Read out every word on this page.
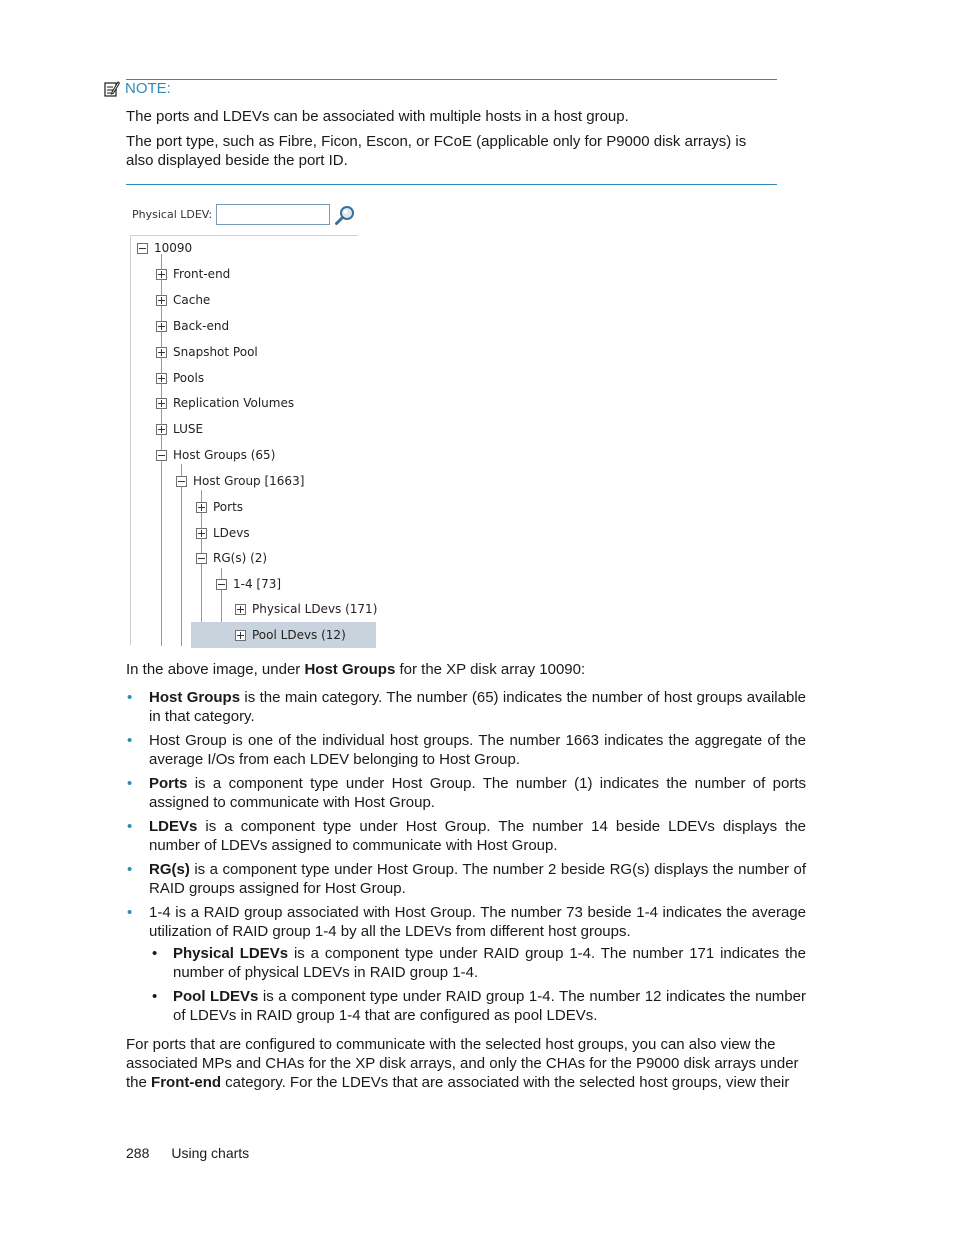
NOTE:
The ports and LDEVs can be associated with multiple hosts in a host group.
The port type, such as Fibre, Ficon, Escon, or FCoE (applicable only for P9000 disk arrays) is also displayed beside the port ID.
Physical LDEV:
10090
Front-end
Cache
Back-end
Snapshot Pool
Pools
Replication Volumes
LUSE
Host Groups (65)
Host Group [1663]
Ports
LDevs
RG(s) (2)
1-4 [73]
Physical LDevs (171)
Pool LDevs (12)
In the above image, under Host Groups for the XP disk array 10090:
• Host Groups is the main category. The number (65) indicates the number of host groups available in that category.
• Host Group is one of the individual host groups. The number 1663 indicates the aggregate of the average I/Os from each LDEV belonging to Host Group.
• Ports is a component type under Host Group. The number (1) indicates the number of ports assigned to communicate with Host Group.
• LDEVs is a component type under Host Group. The number 14 beside LDEVs displays the number of LDEVs assigned to communicate with Host Group.
• RG(s) is a component type under Host Group. The number 2 beside RG(s) displays the number of RAID groups assigned for Host Group.
• 1-4 is a RAID group associated with Host Group. The number 73 beside 1-4 indicates the average utilization of RAID group 1-4 by all the LDEVs from different host groups.
• Physical LDEVs is a component type under RAID group 1-4. The number 171 indicates the number of physical LDEVs in RAID group 1-4.
• Pool LDEVs is a component type under RAID group 1-4. The number 12 indicates the number of LDEVs in RAID group 1-4 that are configured as pool LDEVs.
For ports that are configured to communicate with the selected host groups, you can also view the associated MPs and CHAs for the XP disk arrays, and only the CHAs for the P9000 disk arrays under the Front-end category. For the LDEVs that are associated with the selected host groups, view their
288 Using charts
